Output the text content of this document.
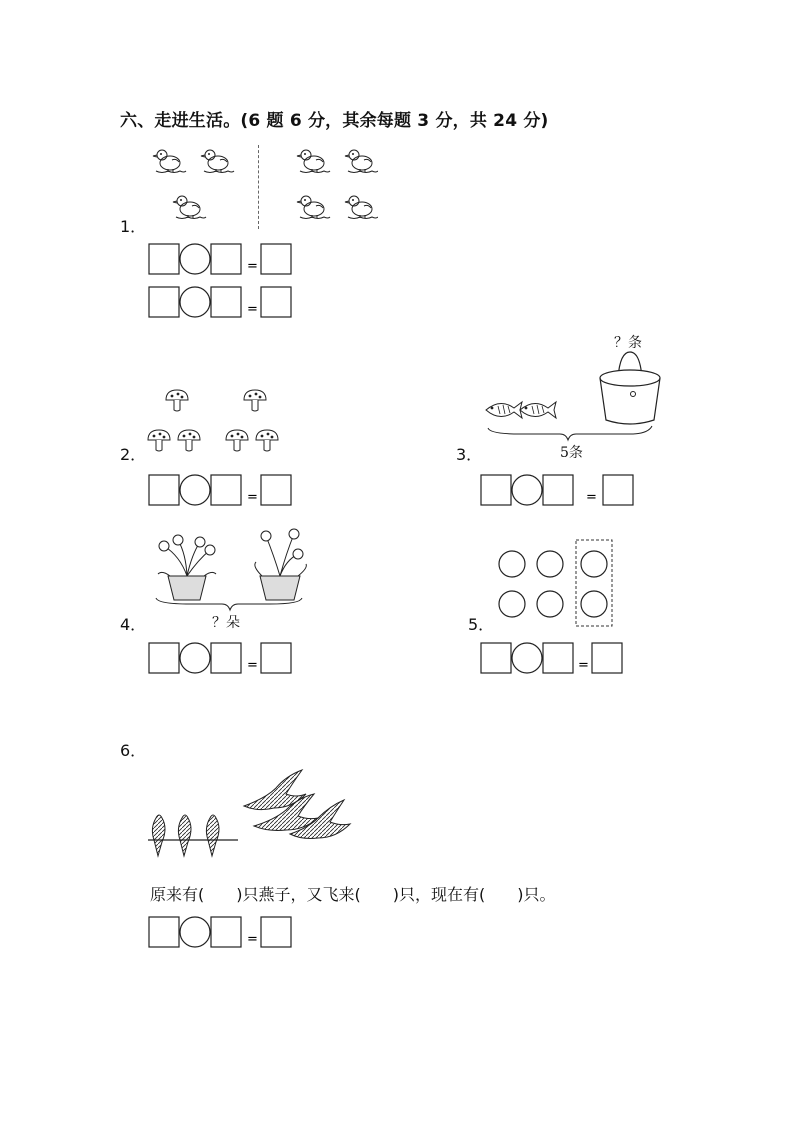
六、走进生活。(6 题 6 分，其余每题 3 分，共 24 分)
1．
=
=
2．
=
3．
？条
5条
=
4．	？朵
=
5．
=
6．
原来有(　　)只燕子，又飞来(　　)只，现在有(　　)只。
=
